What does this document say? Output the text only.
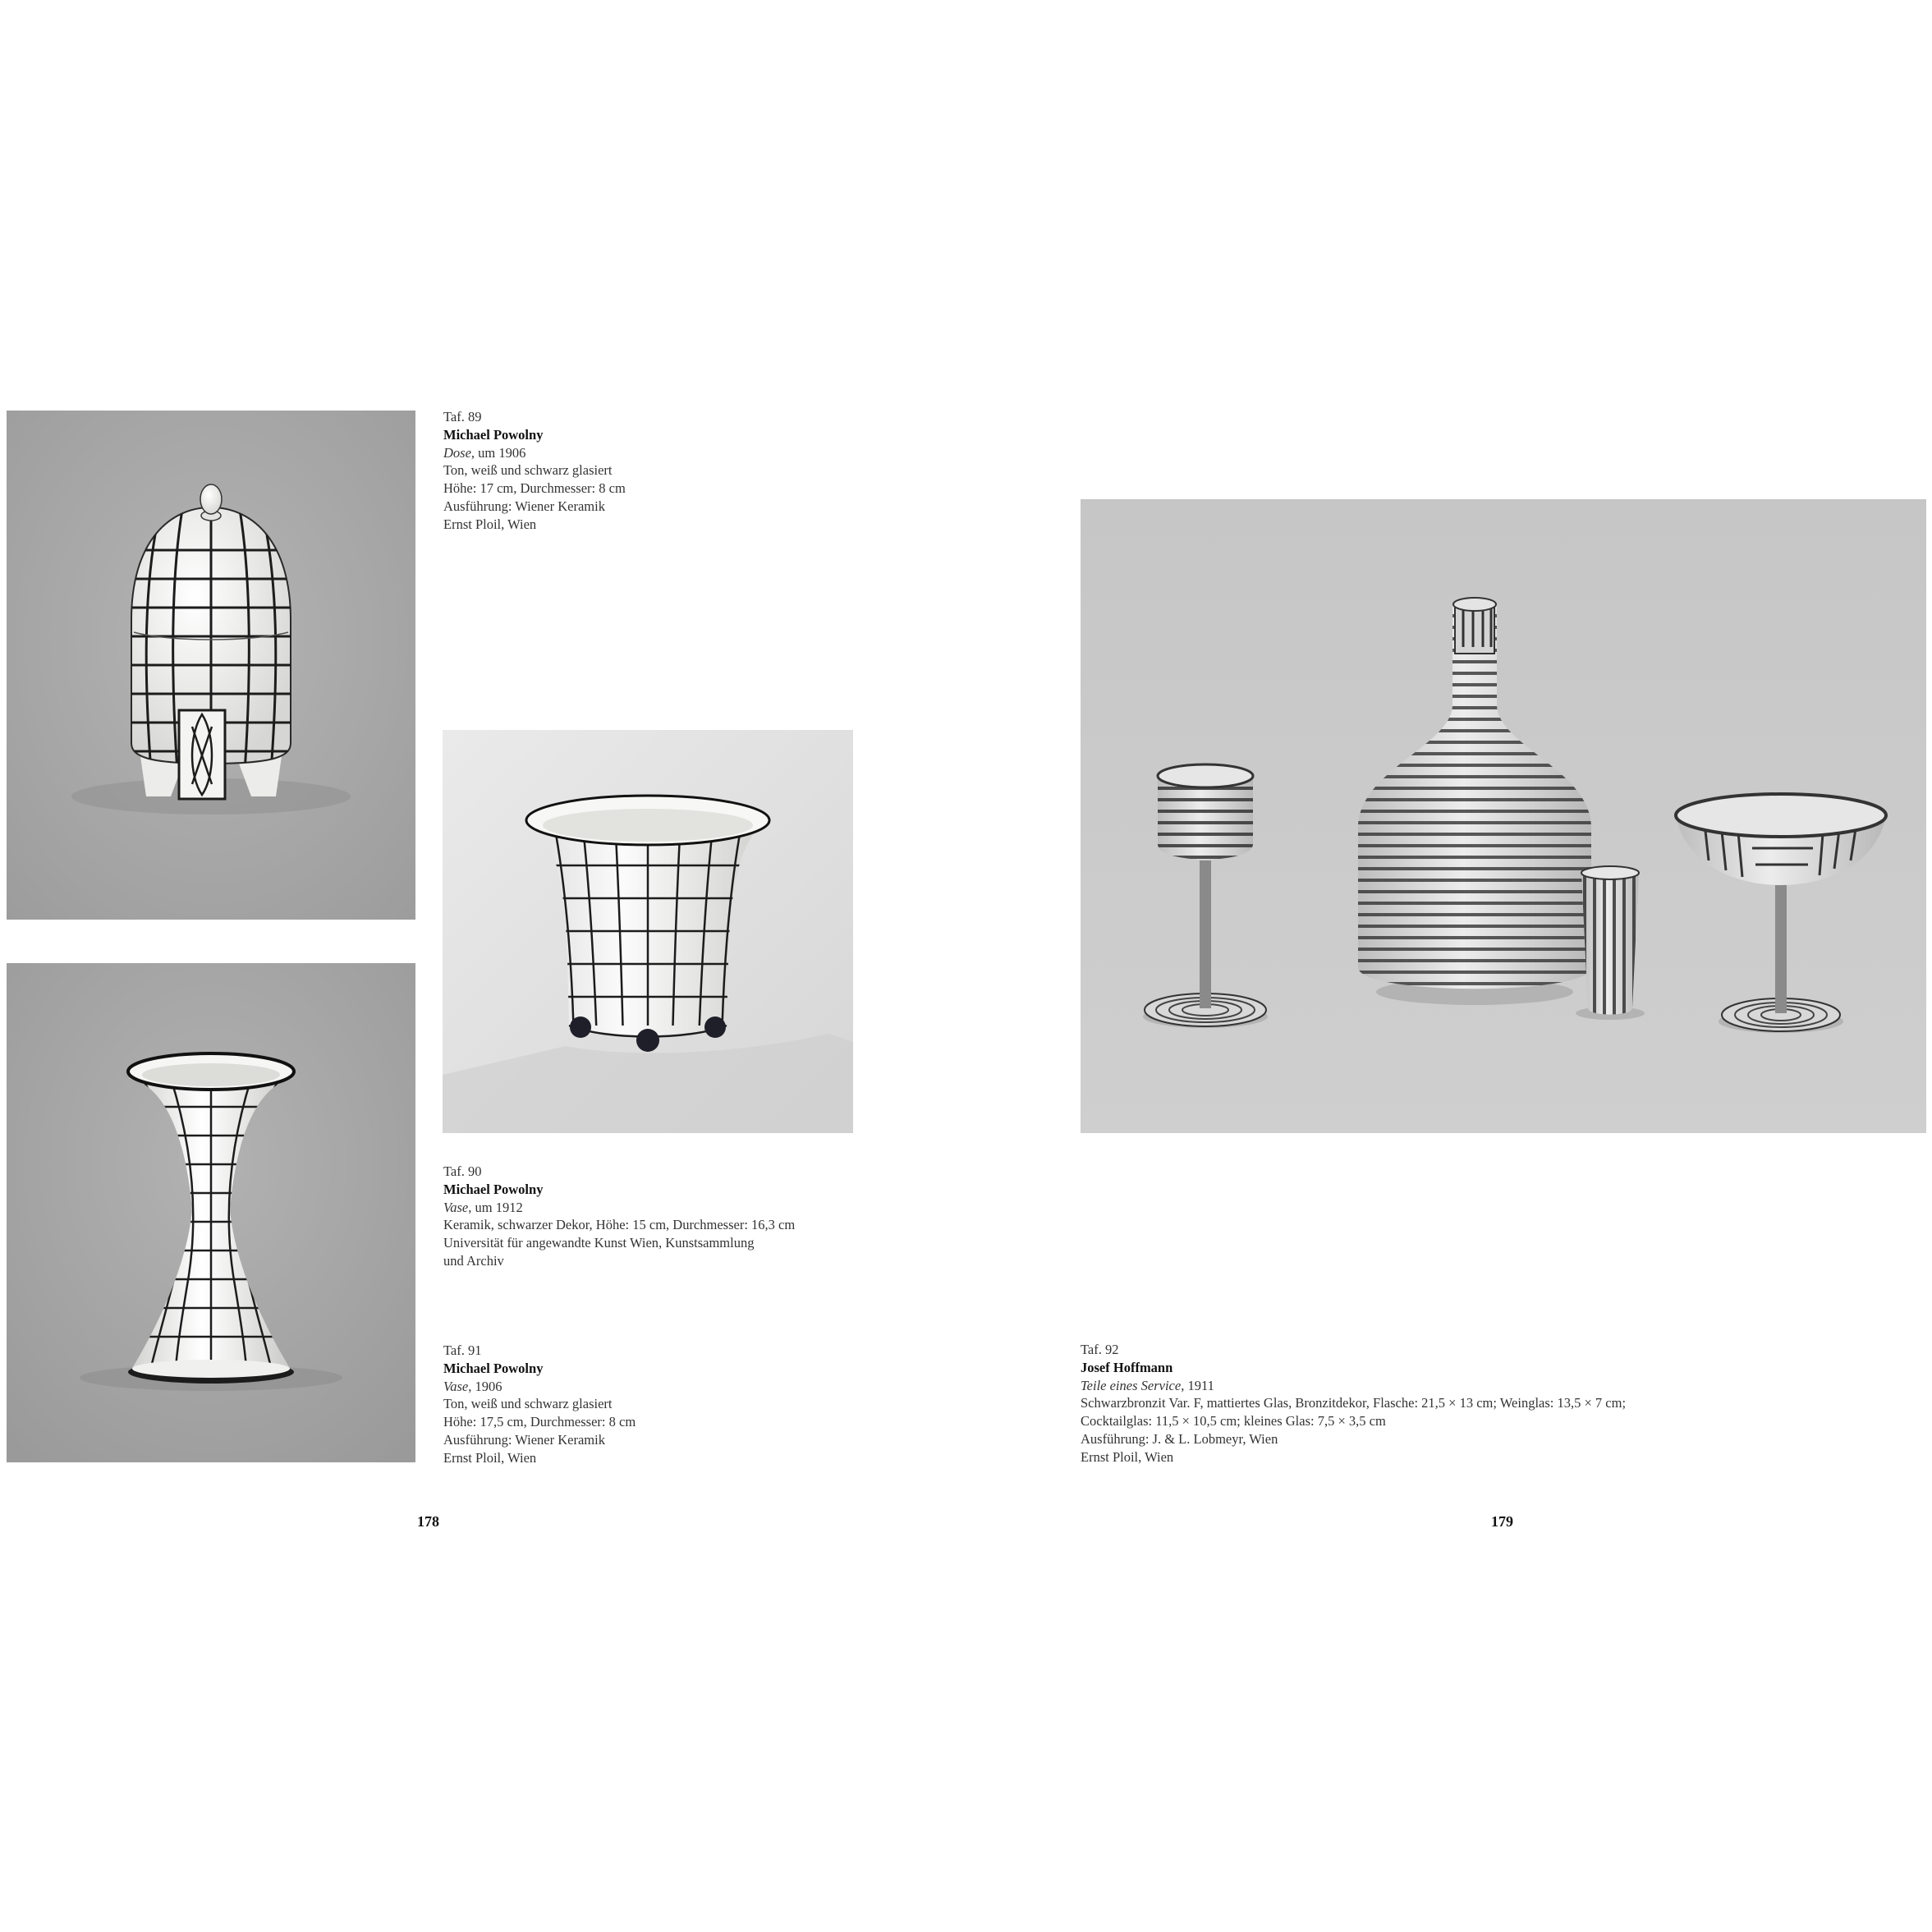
Taf. 89
Michael Powolny
Dose, um 1906
Ton, weiß und schwarz glasiert
Höhe: 17 cm, Durchmesser: 8 cm
Ausführung: Wiener Keramik
Ernst Ploil, Wien
Taf. 90
Michael Powolny
Vase, um 1912
Keramik, schwarzer Dekor, Höhe: 15 cm, Durchmesser: 16,3 cm
Universität für angewandte Kunst Wien, Kunstsammlung
und Archiv
Taf. 91
Michael Powolny
Vase, 1906
Ton, weiß und schwarz glasiert
Höhe: 17,5 cm, Durchmesser: 8 cm
Ausführung: Wiener Keramik
Ernst Ploil, Wien
Taf. 92
Josef Hoffmann
Teile eines Service, 1911
Schwarzbronzit Var. F, mattiertes Glas, Bronzitdekor, Flasche: 21,5 × 13 cm; Weinglas: 13,5 × 7 cm;
Cocktailglas: 11,5 × 10,5 cm; kleines Glas: 7,5 × 3,5 cm
Ausführung: J. & L. Lobmeyr, Wien
Ernst Ploil, Wien
178	179
